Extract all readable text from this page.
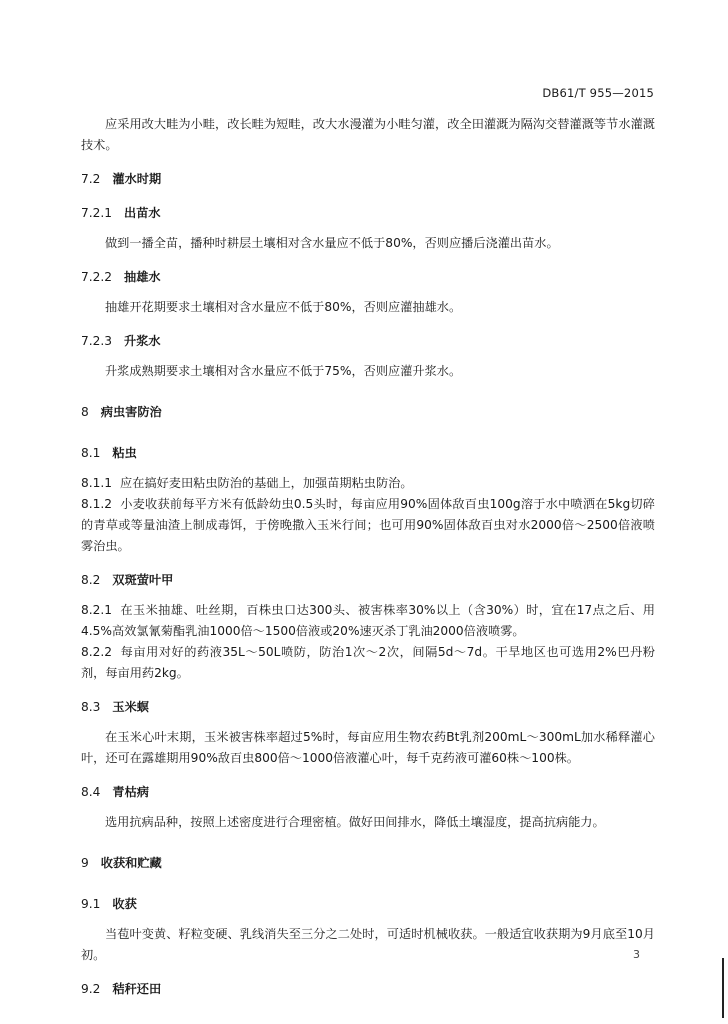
DB61/T 955—2015

应采用改大畦为小畦，改长畦为短畦，改大水漫灌为小畦匀灌，改全田灌溉为隔沟交替灌溉等节水灌溉技术。

7.2 灌水时期

7.2.1 出苗水

做到一播全苗，播种时耕层土壤相对含水量应不低于80%，否则应播后浇灌出苗水。

7.2.2 抽雄水

抽雄开花期要求土壤相对含水量应不低于80%，否则应灌抽雄水。

7.2.3 升浆水

升浆成熟期要求土壤相对含水量应不低于75%，否则应灌升浆水。

8 病虫害防治

8.1 粘虫

8.1.1 应在搞好麦田粘虫防治的基础上，加强苗期粘虫防治。

8.1.2 小麦收获前每平方米有低龄幼虫0.5头时，每亩应用90%固体敌百虫100g溶于水中喷洒在5kg切碎的青草或等量油渣上制成毒饵，于傍晚撒入玉米行间；也可用90%固体敌百虫对水2000倍～2500倍液喷雾治虫。

8.2 双斑萤叶甲

8.2.1 在玉米抽雄、吐丝期，百株虫口达300头、被害株率30%以上（含30%）时，宜在17点之后、用4.5%高效氯氰菊酯乳油1000倍～1500倍液或20%速灭杀丁乳油2000倍液喷雾。

8.2.2 每亩用对好的药液35L～50L喷防，防治1次～2次，间隔5d～7d。干旱地区也可选用2%巴丹粉剂，每亩用药2kg。

8.3 玉米螟

在玉米心叶末期，玉米被害株率超过5%时，每亩应用生物农药Bt乳剂200mL～300mL加水稀释灌心叶，还可在露雄期用90%敌百虫800倍～1000倍液灌心叶，每千克药液可灌60株～100株。

8.4 青枯病

选用抗病品种，按照上述密度进行合理密植。做好田间排水，降低土壤湿度，提高抗病能力。

9 收获和贮藏

9.1 收获

当苞叶变黄、籽粒变硬、乳线消失至三分之二处时，可适时机械收获。一般适宜收获期为9月底至10月初。

9.2 秸秆还田

3
